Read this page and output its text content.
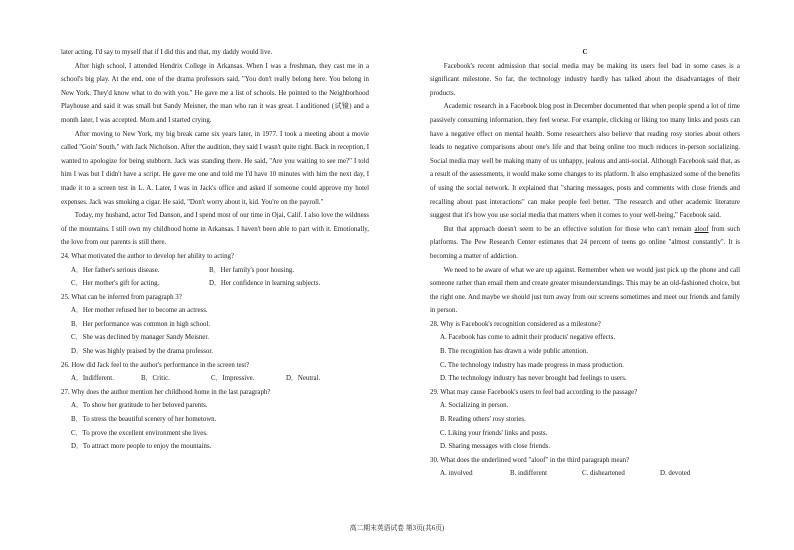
later acting. I'd say to myself that if I did this and that, my daddy would live.

After high school, I attended Hendrix College in Arkansas. When I was a freshman, they cast me in a school's big play. At the end, one of the drama professors said, "You don't really belong here. You belong in New York. They'd know what to do with you." He gave me a list of schools. He pointed to the Neighborhood Playhouse and said it was small but Sandy Meisner, the man who ran it was great. I auditioned (试镜) and a month later, I was accepted. Mom and I started crying.

After moving to New York, my big break came six years later, in 1977. I took a meeting about a movie called "Goin' South," with Jack Nicholson. After the audition, they said I wasn't quite right. Back in reception, I wanted to apologize for being stubborn. Jack was standing there. He said, "Are you waiting to see me?" I told him I was but I didn't have a script. He gave me one and told me I'd have 10 minutes with him the next day, I made it to a screen test in L. A. Later, I was in Jack's office and asked if someone could approve my hotel expenses. Jack was smoking a cigar. He said, "Don't worry about it, kid. You're on the payroll."

Today, my husband, actor Ted Danson, and I spend most of our time in Ojai, Calif. I also love the wildness of the mountains. I still own my childhood home in Arkansas. I haven't been able to part with it. Emotionally, the love from our parents is still there.

24. What motivated the author to develop her ability to acting?
A．Her father's serious disease.	B．Her family's poor housing.
C．Her mother's gift for acting.	D．Her confidence in learning subjects.
25. What can be inferred from paragraph 3?
A．Her mother refused her to become an actress.
B．Her performance was common in high school.
C．She was declined by manager Sandy Meisner.
D．She was highly praised by the drama professor.
26. How did Jack feel to the author's performance in the screen test?
A．Indifferent.	B．Critic.	C．Impressive.	D．Neutral.
27. Why does the author mention her childhood home in the last paragraph?
A．To show her gratitude to her beloved parents.
B．To stress the beautiful scenery of her hometown.
C．To prove the excellent environment she lives.
D．To attract more people to enjoy the mountains.

C

Facebook's recent admission that social media may be making its users feel bad in some cases is a significant milestone. So far, the technology industry hardly has talked about the disadvantages of their products.

Academic research in a Facebook blog post in December documented that when people spend a lot of time passively consuming information, they feel worse. For example, clicking or liking too many links and posts can have a negative effect on mental health. Some researchers also believe that reading rosy stories about others leads to negative comparisons about one's life and that being online too much reduces in-person socializing. Social media may well be making many of us unhappy, jealous and anti-social. Although Facebook said that, as a result of the assessments, it would make some changes to its platform. It also emphasized some of the benefits of using the social network. It explained that "sharing messages, posts and comments with close friends and recalling about past interactions" can make people feel better. "The research and other academic literature suggest that it's how you use social media that matters when it comes to your well-being," Facebook said.

But that approach doesn't seem to be an effective solution for those who can't remain aloof from such platforms. The Pew Research Center estimates that 24 percent of teens go online "almost constantly". It is becoming a matter of addiction.

We need to be aware of what we are up against. Remember when we would just pick up the phone and call someone rather than email them and create greater misunderstandings. This may be an old-fashioned choice, but the right one. And maybe we should just turn away from our screens sometimes and meet our friends and family in person.

28. Why is Facebook's recognition considered as a milestone?
A. Facebook has come to admit their products' negative effects.
B. The recognition has drawn a wide public attention.
C. The technology industry has made progress in mass production.
D. The technology industry has never brought bad feelings to users.
29. What may cause Facebook's users to feel bad according to the passage?
A. Socializing in person.
B. Reading others' rosy stories.
C. Liking your friends' links and posts.
D. Sharing messages with close friends.
30. What does the underlined word "aloof" in the third paragraph mean?
A. involved	B. indifferent	C. disheartened	D. devoted
高二期末英语试卷 第3页(共6页)
